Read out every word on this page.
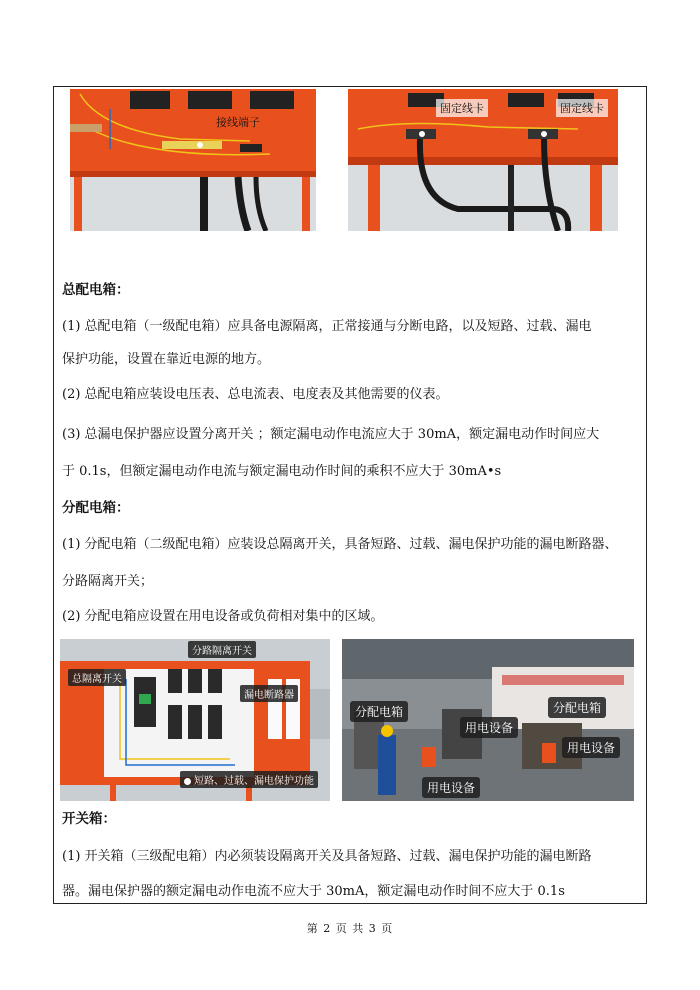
接线端子
固定线卡	固定线卡
总配电箱：
(1) 总配电箱（一级配电箱）应具备电源隔离，正常接通与分断电路，以及短路、过载、漏电
保护功能，设置在靠近电源的地方。
(2) 总配电箱应装设电压表、总电流表、电度表及其他需要的仪表。
(3) 总漏电保护器应设置分离开关 ；额定漏电动作电流应大于 30mA，额定漏电动作时间应大
于 0.1s，但额定漏电动作电流与额定漏电动作时间的乘积不应大于 30mA•s
分配电箱：
(1) 分配电箱（二级配电箱）应装设总隔离开关，具备短路、过载、漏电保护功能的漏电断路器、
分路隔离开关；
(2) 分配电箱应设置在用电设备或负荷相对集中的区域。
总隔离开关
分路隔离开关
漏电断路器
短路、过载、漏电保护功能
分配电箱	分配电箱
用电设备
用电设备
用电设备
开关箱：
(1) 开关箱（三级配电箱）内必须装设隔离开关及具备短路、过载、漏电保护功能的漏电断路
器。漏电保护器的额定漏电动作电流不应大于 30mA，额定漏电动作时间不应大于 0.1s
第 2 页 共 3 页
